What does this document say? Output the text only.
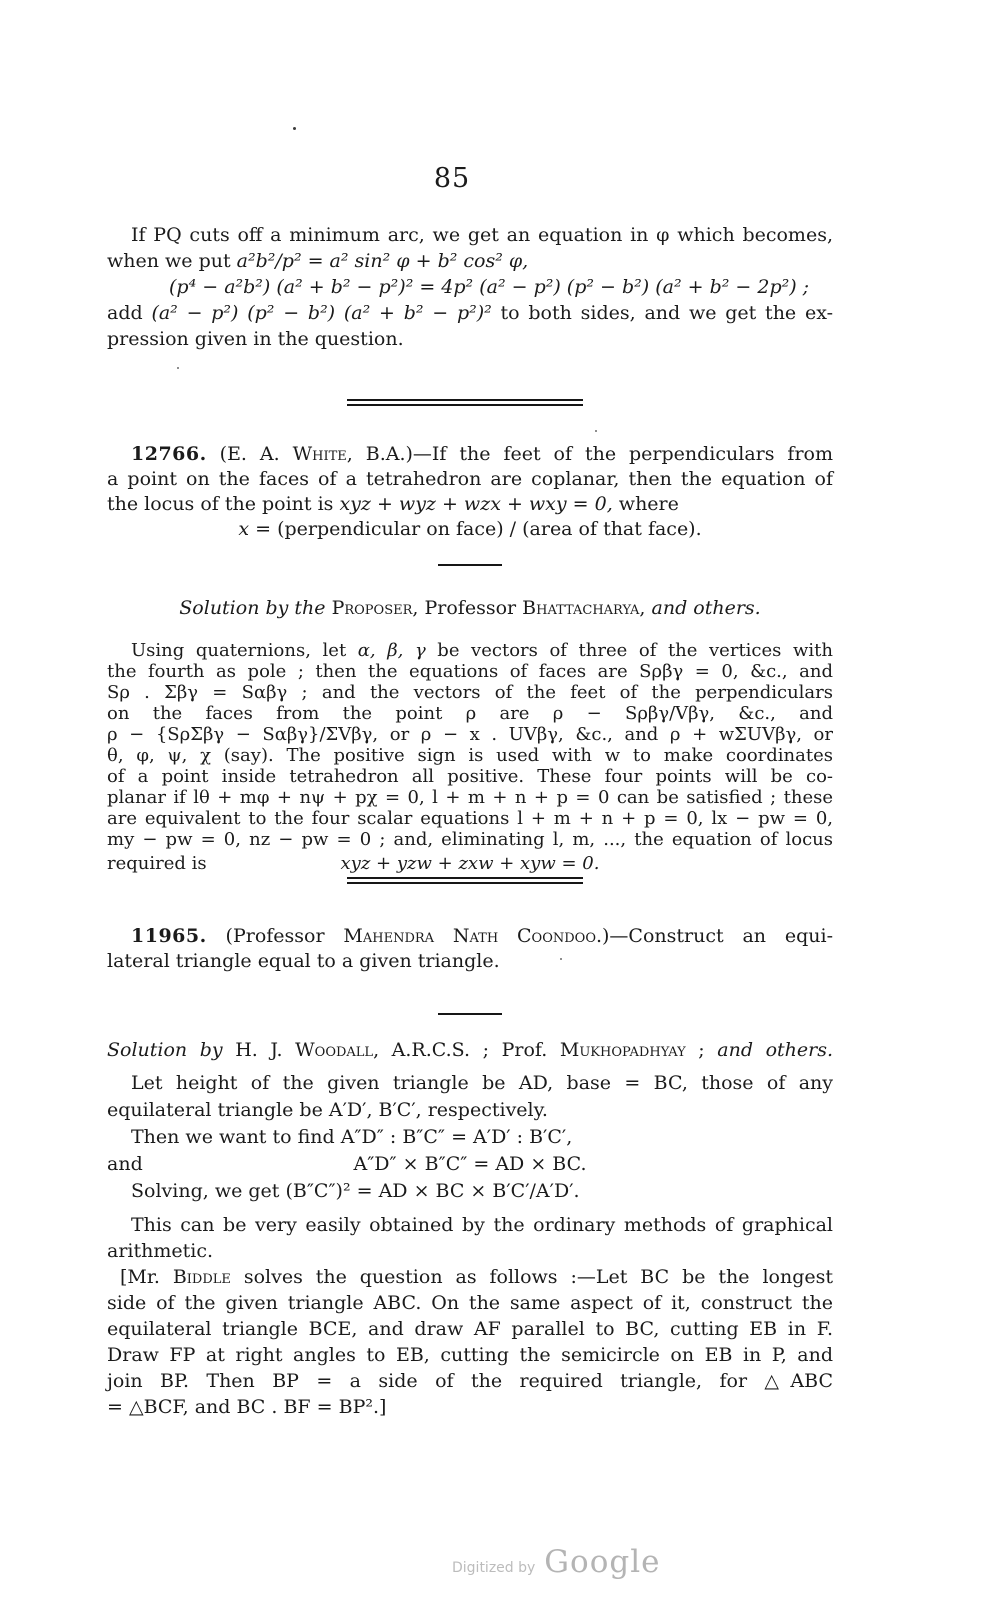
85
If PQ cuts off a minimum arc, we get an equation in φ which becomes,
when we put a²b²/p² = a² sin² φ + b² cos² φ,
(p⁴ − a²b²) (a² + b² − p²)² = 4p² (a² − p²) (p² − b²) (a² + b² − 2p²) ;
add (a² − p²) (p² − b²) (a² + b² − p²)² to both sides, and we get the ex-
pression given in the question.
12766. (E. A. White, B.A.)—If the feet of the perpendiculars from
a point on the faces of a tetrahedron are coplanar, then the equation of
the locus of the point is xyz + wyz + wzx + wxy = 0, where
x = (perpendicular on face) / (area of that face).
Solution by the Proposer, Professor Bhattacharya, and others.
Using quaternions, let α, β, γ be vectors of three of the vertices with
the fourth as pole ; then the equations of faces are Sρβγ = 0, &c., and
Sρ . Σβγ = Sαβγ ; and the vectors of the feet of the perpendiculars
on the faces from the point ρ are ρ − Sρβγ/Vβγ, &c., and
ρ − {SρΣβγ − Sαβγ}/ΣVβγ, or ρ − x . UVβγ, &c., and ρ + wΣUVβγ, or
θ, φ, ψ, χ (say). The positive sign is used with w to make coordinates
of a point inside tetrahedron all positive. These four points will be co-
planar if lθ + mφ + nψ + pχ = 0, l + m + n + p = 0 can be satisfied ; these
are equivalent to the four scalar equations l + m + n + p = 0, lx − pw = 0,
my − pw = 0, nz − pw = 0 ; and, eliminating l, m, ..., the equation of locus
required is	xyz + yzw + zxw + xyw = 0.
11965. (Professor Mahendra Nath Coondoo.)—Construct an equi-
lateral triangle equal to a given triangle.
Solution by H. J. Woodall, A.R.C.S. ; Prof. Mukhopadhyay ; and others.
Let height of the given triangle be AD, base = BC, those of any
equilateral triangle be A′D′, B′C′, respectively.
Then we want to find A″D″ : B″C″ = A′D′ : B′C′,
and	A″D″ × B″C″ = AD × BC.
Solving, we get (B″C″)² = AD × BC × B′C′/A′D′.
This can be very easily obtained by the ordinary methods of graphical
arithmetic.
[Mr. Biddle solves the question as follows :—Let BC be the longest
side of the given triangle ABC. On the same aspect of it, construct the
equilateral triangle BCE, and draw AF parallel to BC, cutting EB in F.
Draw FP at right angles to EB, cutting the semicircle on EB in P, and
join BP. Then BP = a side of the required triangle, for △ABC
= △BCF, and BC . BF = BP².]
Digitized by Google
